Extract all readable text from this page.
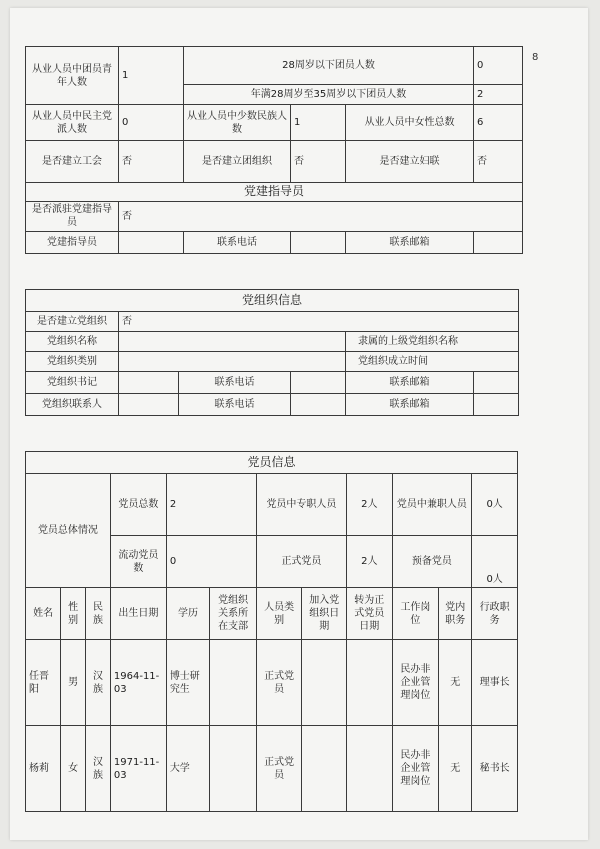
8
从业人员中团员青年人数	1	28周岁以下团员人数			0
		年满28周岁至35周岁以下团员人数			2
从业人员中民主党派人数	0	从业人员中少数民族人数	1	从业人员中女性总数	6
是否建立工会	否	是否建立团组织	否	是否建立妇联	否
党建指导员					
是否派驻党建指导员	否				
党建指导员		联系电话		联系邮箱	
党组织信息					
是否建立党组织	否				
党组织名称				隶属的上级党组织名称	
党组织类别				党组织成立时间	
党组织书记		联系电话		联系邮箱	
党组织联系人		联系电话		联系邮箱	
党员信息											
党员总体情况			党员总数	2		党员中专职人员		2人	党员中兼职人员		0人
			流动党员数	0		正式党员		2人	预备党员		0人
姓名	性别	民族	出生日期	学历	党组织关系所在支部	人员类别	加入党组织日期	转为正式党员日期	工作岗位	党内职务	行政职务
任晋阳	男	汉族	1964-11-03	博士研究生		正式党员			民办非企业管理岗位	无	理事长
杨莉	女	汉族	1971-11-03	大学		正式党员			民办非企业管理岗位	无	秘书长
